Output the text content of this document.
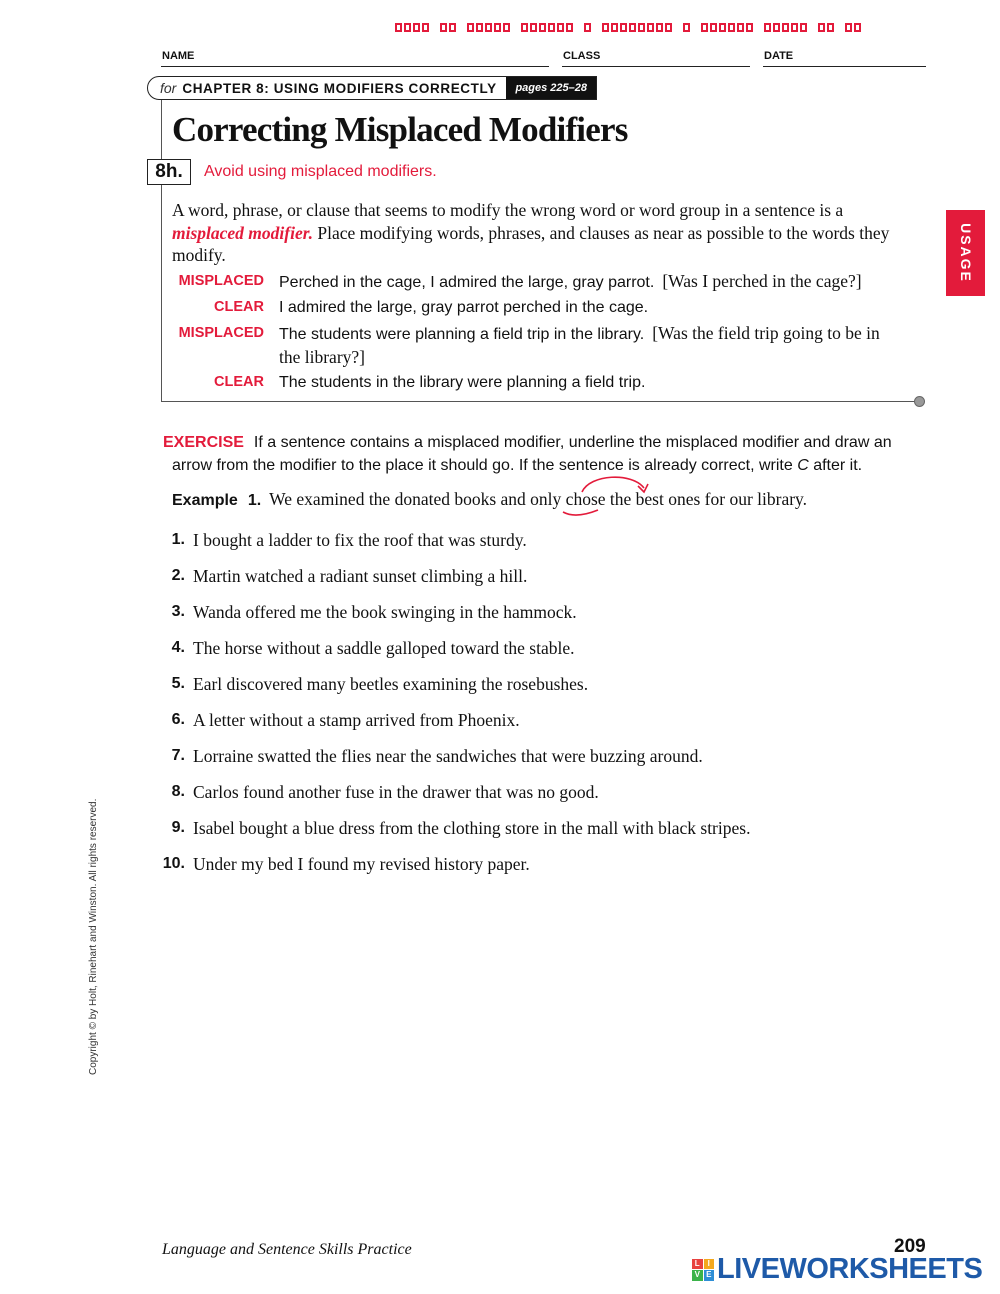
NAME	CLASS	DATE
for CHAPTER 8: USING MODIFIERS CORRECTLY	pages 225–28
Correcting Misplaced Modifiers
8h.	Avoid using misplaced modifiers.
A word, phrase, or clause that seems to modify the wrong word or word group in a sentence is a misplaced modifier. Place modifying words, phrases, and clauses as near as possible to the words they modify.
MISPLACED Perched in the cage, I admired the large, gray parrot. [Was I perched in the cage?]
CLEAR I admired the large, gray parrot perched in the cage.
MISPLACED The students were planning a field trip in the library. [Was the field trip going to be in the library?]
CLEAR The students in the library were planning a field trip.
USAGE
EXERCISE If a sentence contains a misplaced modifier, underline the misplaced modifier and draw an
arrow from the modifier to the place it should go. If the sentence is already correct, write C after it.
Example 1. We examined the donated books and only chose the best ones for our library.
1. I bought a ladder to fix the roof that was sturdy.
2. Martin watched a radiant sunset climbing a hill.
3. Wanda offered me the book swinging in the hammock.
4. The horse without a saddle galloped toward the stable.
5. Earl discovered many beetles examining the rosebushes.
6. A letter without a stamp arrived from Phoenix.
7. Lorraine swatted the flies near the sandwiches that were buzzing around.
8. Carlos found another fuse in the drawer that was no good.
9. Isabel bought a blue dress from the clothing store in the mall with black stripes.
10. Under my bed I found my revised history paper.
Copyright © by Holt, Rinehart and Winston. All rights reserved.
Language and Sentence Skills Practice	209
L I
V E LIVEWORKSHEETS
